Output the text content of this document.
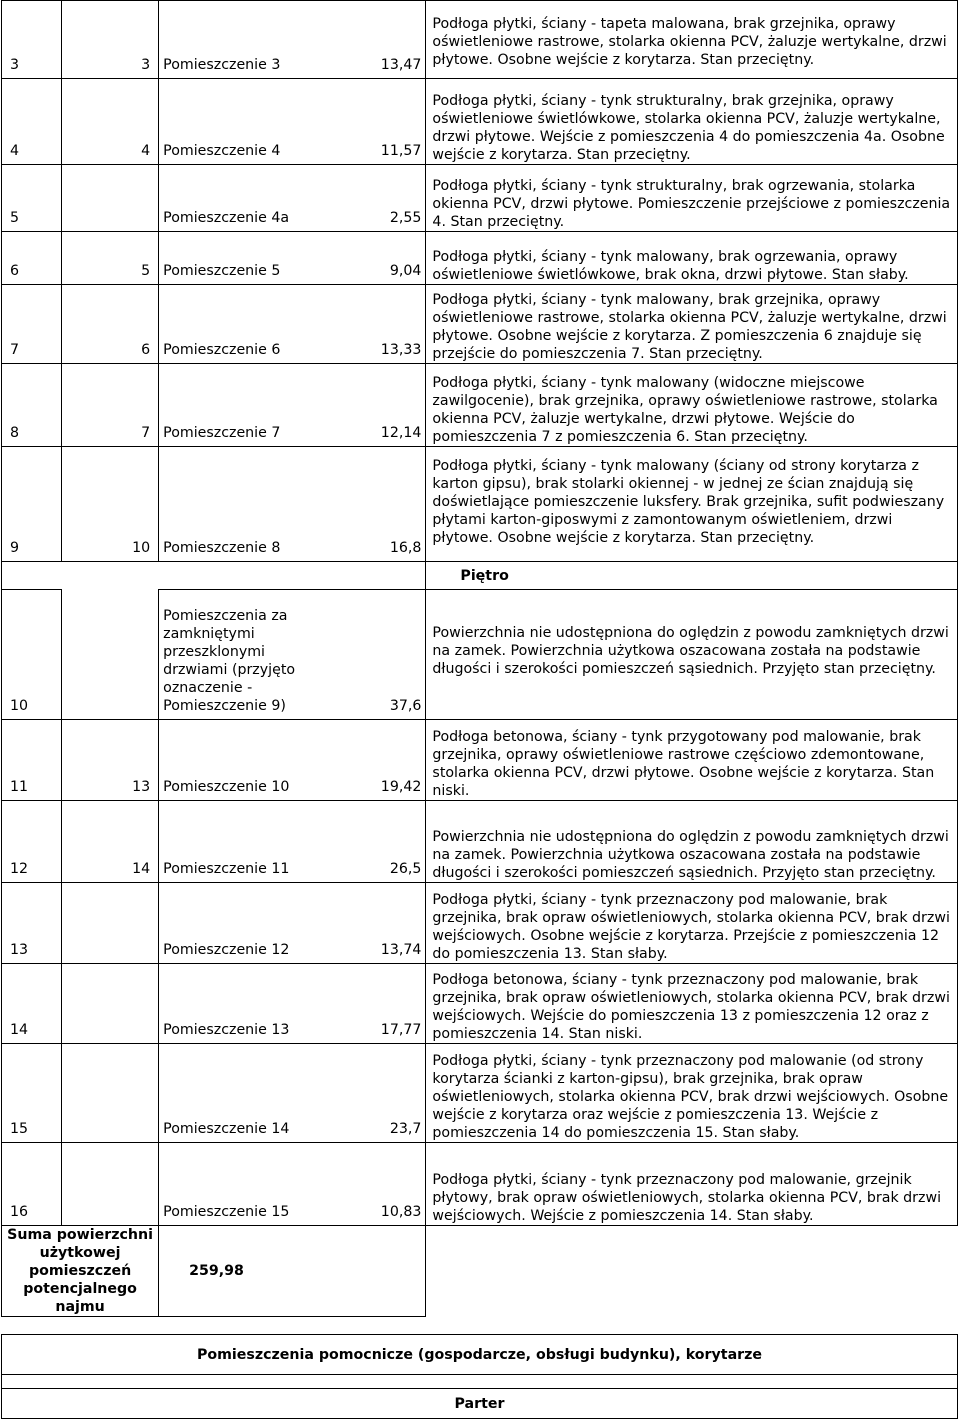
3	3	Pomieszczenie 3 13,47	Podłoga płytki, ściany - tapeta malowana, brak grzejnika, oprawy oświetleniowe rastrowe, stolarka okienna PCV, żaluzje wertykalne, drzwi płytowe. Osobne wejście z korytarza. Stan przeciętny.
4	4	Pomieszczenie 4 11,57	Podłoga płytki, ściany - tynk strukturalny, brak grzejnika, oprawy oświetleniowe świetlówkowe, stolarka okienna PCV, żaluzje wertykalne, drzwi płytowe. Wejście z pomieszczenia 4 do pomieszczenia 4a. Osobne wejście z korytarza. Stan przeciętny.
5		Pomieszczenie 4a 2,55	Podłoga płytki, ściany - tynk strukturalny, brak ogrzewania, stolarka okienna PCV, drzwi płytowe. Pomieszczenie przejściowe z pomieszczenia 4. Stan przeciętny.
6	5	Pomieszczenie 5 9,04	Podłoga płytki, ściany - tynk malowany, brak ogrzewania, oprawy oświetleniowe świetlówkowe, brak okna, drzwi płytowe. Stan słaby.
7	6	Pomieszczenie 6 13,33	Podłoga płytki, ściany - tynk malowany, brak grzejnika, oprawy oświetleniowe rastrowe, stolarka okienna PCV, żaluzje wertykalne, drzwi płytowe. Osobne wejście z korytarza. Z pomieszczenia 6 znajduje się przejście do pomieszczenia 7. Stan przeciętny.
8	7	Pomieszczenie 7 12,14	Podłoga płytki, ściany - tynk malowany (widoczne miejscowe zawilgocenie), brak grzejnika, oprawy oświetleniowe rastrowe, stolarka okienna PCV, żaluzje wertykalne, drzwi płytowe. Wejście do pomieszczenia 7 z pomieszczenia 6. Stan przeciętny.
9	10	Pomieszczenie 8 16,8	Podłoga płytki, ściany - tynk malowany (ściany od strony korytarza z karton gipsu), brak stolarki okiennej - w jednej ze ścian znajdują się doświetlające pomieszczenie luksfery. Brak grzejnika, sufit podwieszany płytami karton-giposwymi z zamontowanym oświetleniem, drzwi płytowe. Osobne wejście z korytarza. Stan przeciętny.

			Piętro

10		Pomieszczenia za zamkniętymi przeszklonymi drzwiami (przyjęto oznaczenie - Pomieszczenie 9) 37,6	Powierzchnia nie udostępniona do oględzin z powodu zamkniętych drzwi na zamek. Powierzchnia użytkowa oszacowana została na podstawie długości i szerokości pomieszczeń sąsiednich. Przyjęto stan przeciętny.
11	13	Pomieszczenie 10 19,42	Podłoga betonowa, ściany - tynk przygotowany pod malowanie, brak grzejnika, oprawy oświetleniowe rastrowe częściowo zdemontowane, stolarka okienna PCV, drzwi płytowe. Osobne wejście z korytarza. Stan niski.
12	14	Pomieszczenie 11 26,5	Powierzchnia nie udostępniona do oględzin z powodu zamkniętych drzwi na zamek. Powierzchnia użytkowa oszacowana została na podstawie długości i szerokości pomieszczeń sąsiednich. Przyjęto stan przeciętny.
13		Pomieszczenie 12 13,74	Podłoga płytki, ściany - tynk przeznaczony pod malowanie, brak grzejnika, brak opraw oświetleniowych, stolarka okienna PCV, brak drzwi wejściowych. Osobne wejście z korytarza. Przejście z pomieszczenia 12 do pomieszczenia 13. Stan słaby.
14		Pomieszczenie 13 17,77	Podłoga betonowa, ściany - tynk przeznaczony pod malowanie, brak grzejnika, brak opraw oświetleniowych, stolarka okienna PCV, brak drzwi wejściowych. Wejście do pomieszczenia 13 z pomieszczenia 12 oraz z pomieszczenia 14. Stan niski.
15		Pomieszczenie 14 23,7	Podłoga płytki, ściany - tynk przeznaczony pod malowanie (od strony korytarza ścianki z karton-gipsu), brak grzejnika, brak opraw oświetleniowych, stolarka okienna PCV, brak drzwi wejściowych. Osobne wejście z korytarza oraz wejście z pomieszczenia 13. Wejście z pomieszczenia 14 do pomieszczenia 15. Stan słaby.
16		Pomieszczenie 15 10,83	Podłoga płytki, ściany - tynk przeznaczony pod malowanie, grzejnik płytowy, brak opraw oświetleniowych, stolarka okienna PCV, brak drzwi wejściowych. Wejście z pomieszczenia 14. Stan słaby.
Suma powierzchni użytkowej pomieszczeń potencjalnego najmu		259,98	

Pomieszczenia pomocnicze (gospodarcze, obsługi budynku), korytarze			

Parter			
